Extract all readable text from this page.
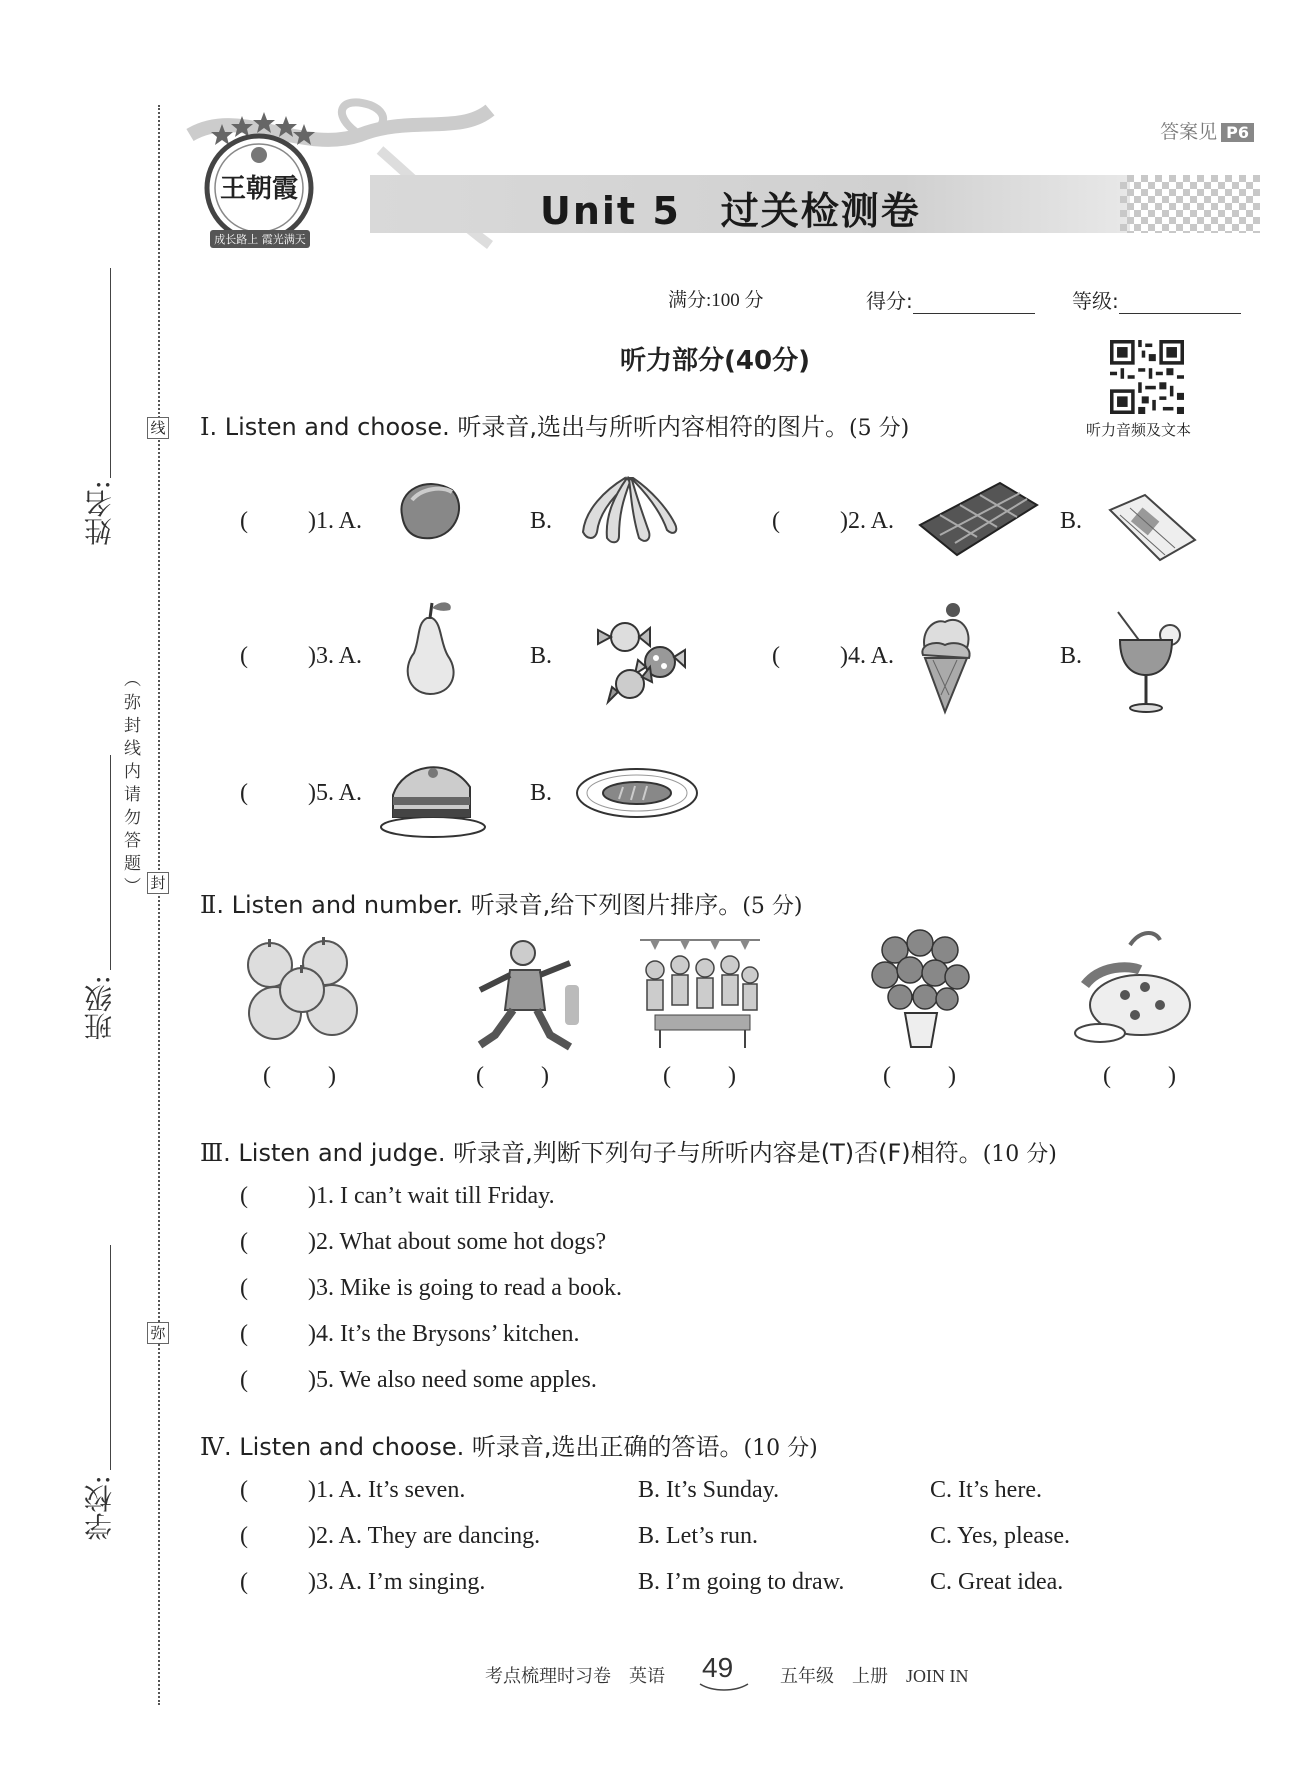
线
封
弥
姓名:
（弥封线内请勿答题）
班级:
学校:
王朝霞
成长路上 霞光满天
答案见 P6
Unit 5　过关检测卷
满分:100 分	得分:	等级:
听力部分(40分)
听力音频及文本
Ⅰ. Listen and choose. 听录音,选出与所听内容相符的图片。(5 分)
(	)1. A.	B.	(	)2. A.	B.
(	)3. A.	B.	(	)4. A.	B.
(	)5. A.	B.
Ⅱ. Listen and number. 听录音,给下列图片排序。(5 分)
( )	( )	( )	( )	( )
Ⅲ. Listen and judge. 听录音,判断下列句子与所听内容是(T)否(F)相符。(10 分)
(	)1. I can’t wait till Friday.
(	)2. What about some hot dogs?
(	)3. Mike is going to read a book.
(	)4. It’s the Brysons’ kitchen.
(	)5. We also need some apples.
Ⅳ. Listen and choose. 听录音,选出正确的答语。(10 分)
(	)1. A. It’s seven.	B. It’s Sunday.	C. It’s here.
(	)2. A. They are dancing.	B. Let’s run.	C. Yes, please.
(	)3. A. I’m singing.	B. I’m going to draw.	C. Great idea.
考点梳理时习卷　英语 49	五年级　上册　JOIN IN
